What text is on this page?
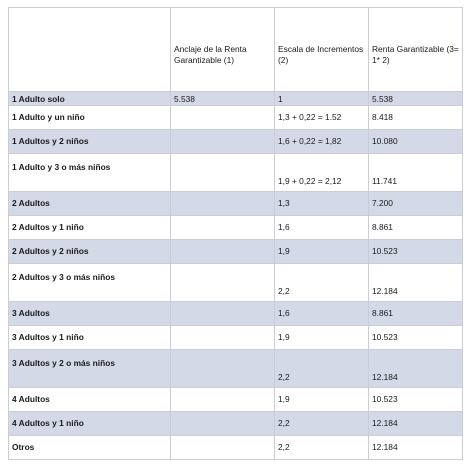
	Anclaje de la Renta Garantizable (1)	Escala de Incrementos (2)	Renta Garantizable (3= 1* 2)
1 Adulto solo	5.538	1	5.538
1 Adulto y un niño		1,3 + 0,22 = 1.52	8.418
1 Adultos y 2 niños		1,6 + 0,22 = 1,82	10.080
1 Adulto y 3 o más niños		1,9 + 0,22 = 2,12	11.741
2 Adultos		1,3	7.200
2 Adultos y 1 niño		1,6	8.861
2 Adultos y 2 niños		1,9	10.523
2 Adultos y 3 o más niños		2,2	12.184
3 Adultos		1,6	8.861
3 Adultos y 1 niño		1,9	10.523
3 Adultos y 2 o más niños		2,2	12.184
4 Adultos		1,9	10.523
4 Adultos y 1 niño		2,2	12.184
Otros		2,2	12.184
